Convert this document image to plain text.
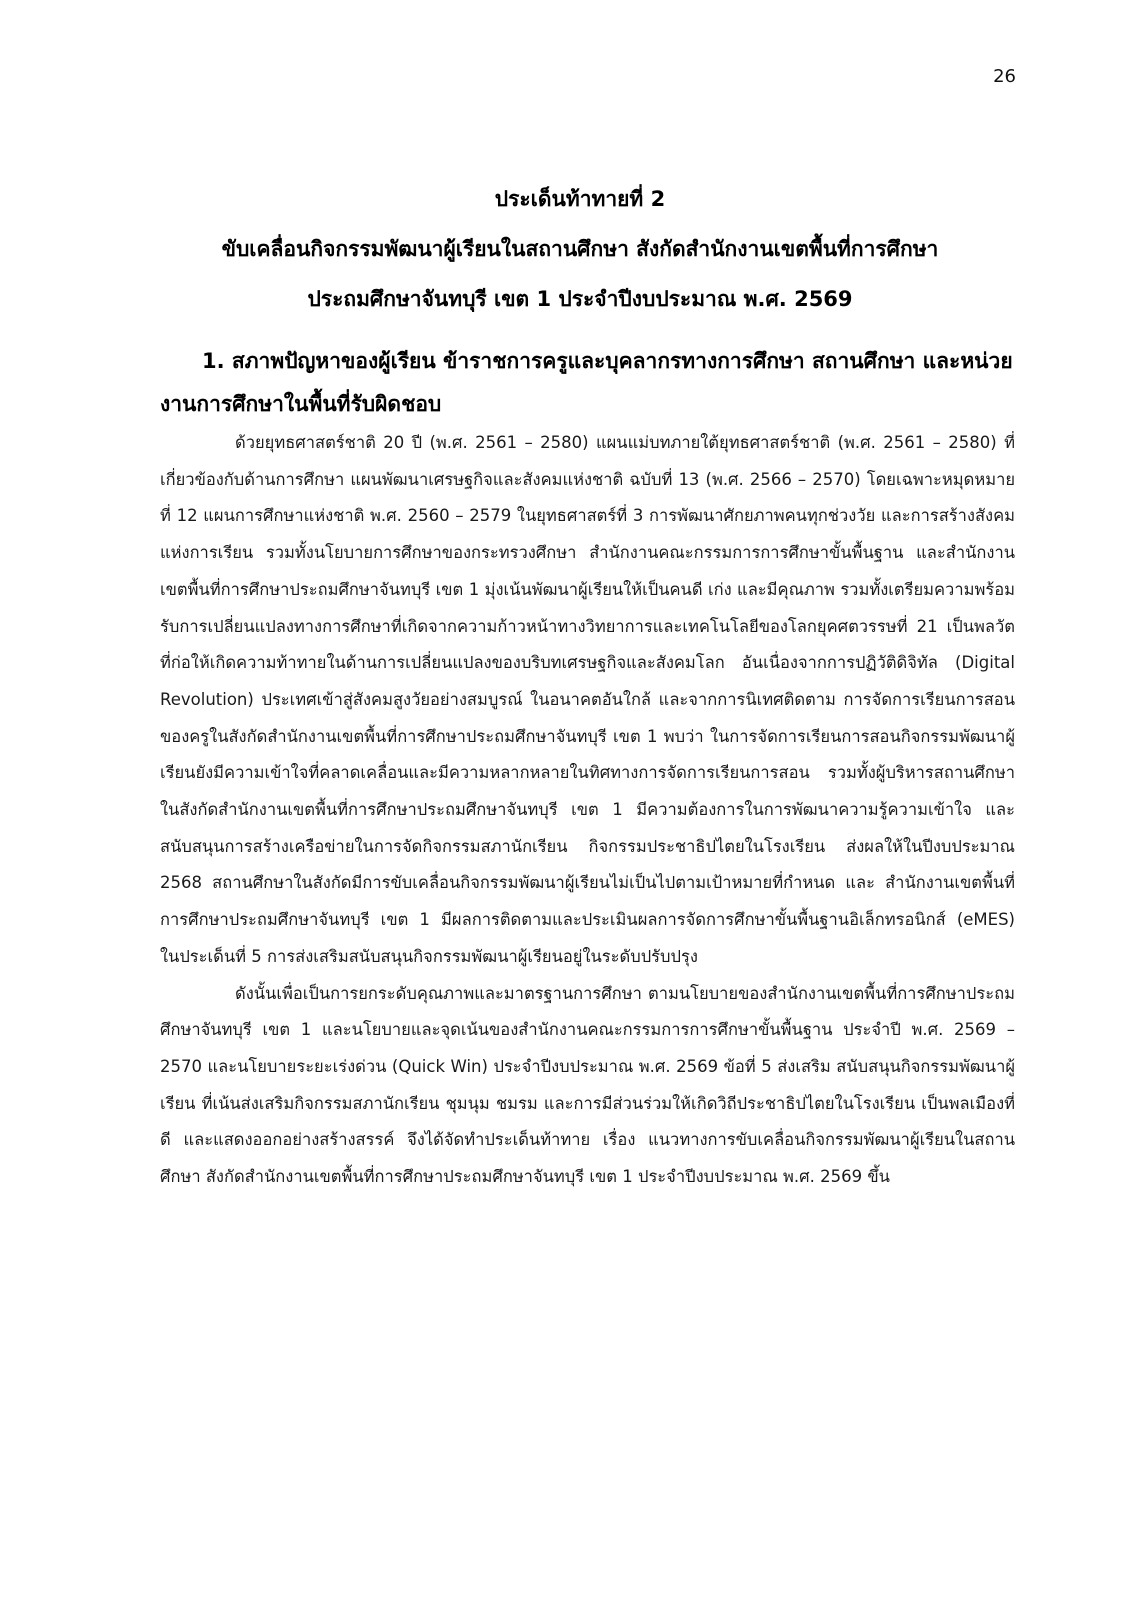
26
ประเด็นท้าทายที่ 2
ขับเคลื่อนกิจกรรมพัฒนาผู้เรียนในสถานศึกษา สังกัดสำนักงานเขตพื้นที่การศึกษา
ประถมศึกษาจันทบุรี เขต 1 ประจำปีงบประมาณ พ.ศ. 2569
1. สภาพปัญหาของผู้เรียน ข้าราชการครูและบุคลากรทางการศึกษา สถานศึกษา และหน่วยงานการศึกษาในพื้นที่รับผิดชอบ

ด้วยยุทธศาสตร์ชาติ 20 ปี (พ.ศ. 2561 – 2580) แผนแม่บทภายใต้ยุทธศาสตร์ชาติ (พ.ศ. 2561 – 2580) ที่เกี่ยวข้องกับด้านการศึกษา แผนพัฒนาเศรษฐกิจและสังคมแห่งชาติ ฉบับที่ 13 (พ.ศ. 2566 – 2570) โดยเฉพาะหมุดหมายที่ 12 แผนการศึกษาแห่งชาติ พ.ศ. 2560 – 2579 ในยุทธศาสตร์ที่ 3 การพัฒนาศักยภาพคนทุกช่วงวัย และการสร้างสังคมแห่งการเรียน รวมทั้งนโยบายการศึกษาของกระทรวงศึกษา สำนักงานคณะกรรมการการศึกษาขั้นพื้นฐาน และสำนักงานเขตพื้นที่การศึกษาประถมศึกษาจันทบุรี เขต 1 มุ่งเน้นพัฒนาผู้เรียนให้เป็นคนดี เก่ง และมีคุณภาพ รวมทั้งเตรียมความพร้อมรับการเปลี่ยนแปลงทางการศึกษาที่เกิดจากความก้าวหน้าทางวิทยาการและเทคโนโลยีของโลกยุคศตวรรษที่ 21 เป็นพลวัตที่ก่อให้เกิดความท้าทายในด้านการเปลี่ยนแปลงของบริบทเศรษฐกิจและสังคมโลก อันเนื่องจากการปฏิวัติดิจิทัล (Digital Revolution) ประเทศเข้าสู่สังคมสูงวัยอย่างสมบูรณ์ ในอนาคตอันใกล้ และจากการนิเทศติดตาม การจัดการเรียนการสอนของครูในสังกัดสำนักงานเขตพื้นที่การศึกษาประถมศึกษาจันทบุรี เขต 1 พบว่า ในการจัดการเรียนการสอนกิจกรรมพัฒนาผู้เรียนยังมีความเข้าใจที่คลาดเคลื่อนและมีความหลากหลายในทิศทางการจัดการเรียนการสอน รวมทั้งผู้บริหารสถานศึกษาในสังกัดสำนักงานเขตพื้นที่การศึกษาประถมศึกษาจันทบุรี เขต 1 มีความต้องการในการพัฒนาความรู้ความเข้าใจ และสนับสนุนการสร้างเครือข่ายในการจัดกิจกรรมสภานักเรียน กิจกรรมประชาธิปไตยในโรงเรียน ส่งผลให้ในปีงบประมาณ 2568 สถานศึกษาในสังกัดมีการขับเคลื่อนกิจกรรมพัฒนาผู้เรียนไม่เป็นไปตามเป้าหมายที่กำหนด และ สำนักงานเขตพื้นที่การศึกษาประถมศึกษาจันทบุรี เขต 1 มีผลการติดตามและประเมินผลการจัดการศึกษาขั้นพื้นฐานอิเล็กทรอนิกส์ (eMES) ในประเด็นที่ 5 การส่งเสริมสนับสนุนกิจกรรมพัฒนาผู้เรียนอยู่ในระดับปรับปรุง

ดังนั้นเพื่อเป็นการยกระดับคุณภาพและมาตรฐานการศึกษา ตามนโยบายของสำนักงานเขตพื้นที่การศึกษาประถมศึกษาจันทบุรี เขต 1 และนโยบายและจุดเน้นของสำนักงานคณะกรรมการการศึกษาขั้นพื้นฐาน ประจำปี พ.ศ. 2569 – 2570 และนโยบายระยะเร่งด่วน (Quick Win) ประจำปีงบประมาณ พ.ศ. 2569 ข้อที่ 5 ส่งเสริม สนับสนุนกิจกรรมพัฒนาผู้เรียน ที่เน้นส่งเสริมกิจกรรมสภานักเรียน ชุมนุม ชมรม และการมีส่วนร่วมให้เกิดวิถีประชาธิปไตยในโรงเรียน เป็นพลเมืองที่ดี และแสดงออกอย่างสร้างสรรค์ จึงได้จัดทำประเด็นท้าทาย เรื่อง แนวทางการขับเคลื่อนกิจกรรมพัฒนาผู้เรียนในสถานศึกษา สังกัดสำนักงานเขตพื้นที่การศึกษาประถมศึกษาจันทบุรี เขต 1 ประจำปีงบประมาณ พ.ศ. 2569 ขึ้น
